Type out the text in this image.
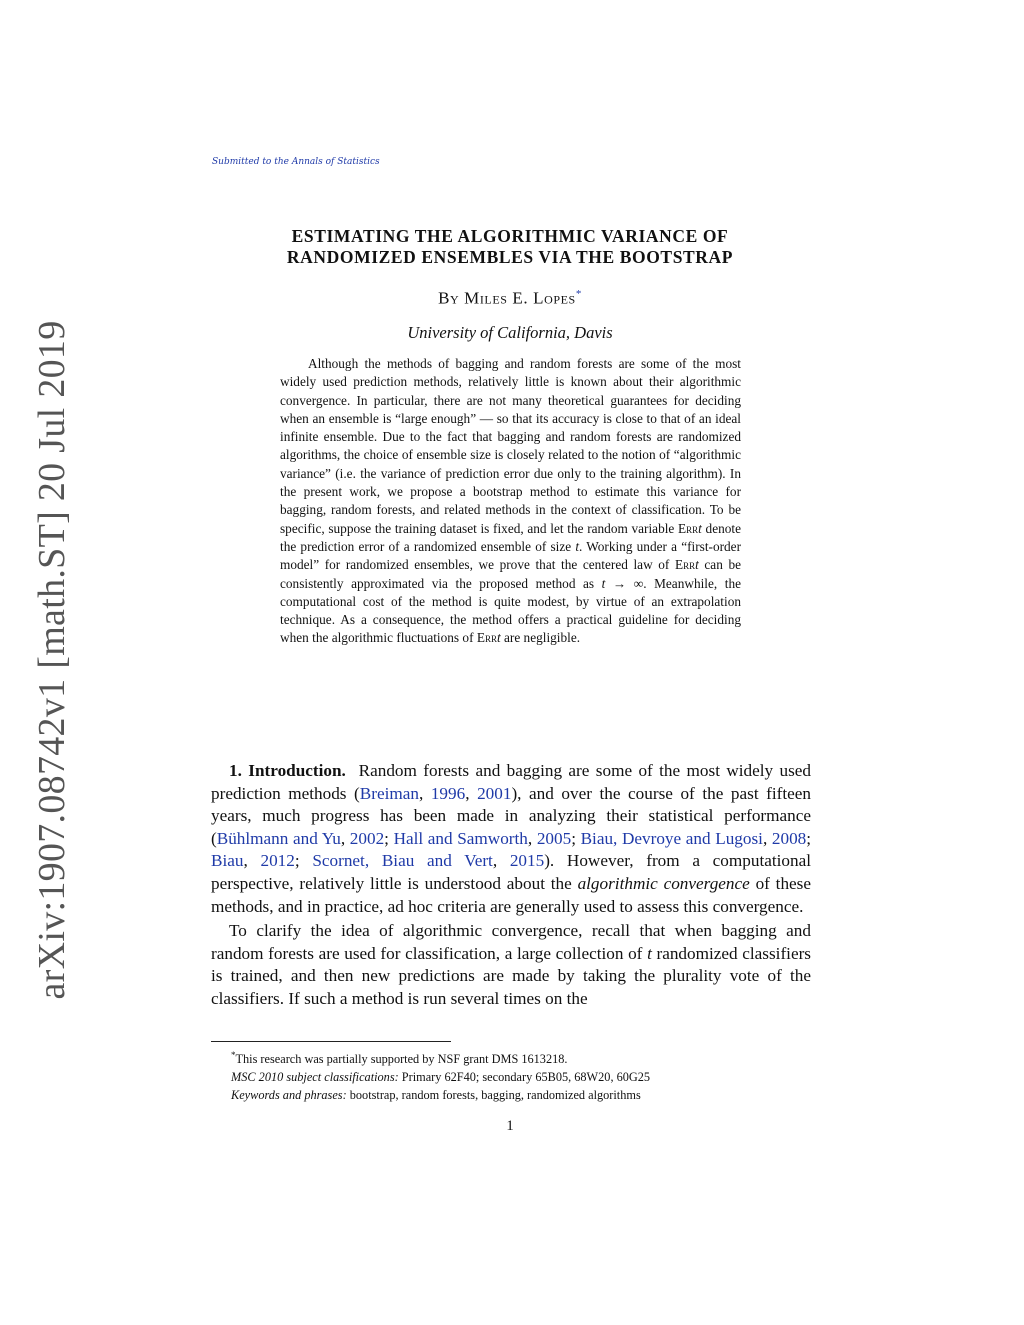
arXiv:1907.08742v1 [math.ST] 20 Jul 2019
Submitted to the Annals of Statistics
ESTIMATING THE ALGORITHMIC VARIANCE OF
RANDOMIZED ENSEMBLES VIA THE BOOTSTRAP
By Miles E. Lopes*
University of California, Davis
Although the methods of bagging and random forests are some of the most widely used prediction methods, relatively little is known about their algorithmic convergence. In particular, there are not many theoretical guarantees for deciding when an ensemble is “large enough” — so that its accuracy is close to that of an ideal infinite ensemble. Due to the fact that bagging and random forests are randomized algorithms, the choice of ensemble size is closely related to the notion of “algorithmic variance” (i.e. the variance of prediction error due only to the training algorithm). In the present work, we propose a bootstrap method to estimate this variance for bagging, random forests, and related methods in the context of classification. To be specific, suppose the training dataset is fixed, and let the random variable Errt denote the prediction error of a randomized ensemble of size t. Working under a “first-order model” for randomized ensembles, we prove that the centered law of Errt can be consistently approximated via the proposed method as t → ∞. Meanwhile, the computational cost of the method is quite modest, by virtue of an extrapolation technique. As a consequence, the method offers a practical guideline for deciding when the algorithmic fluctuations of Errt are negligible.

1. Introduction. Random forests and bagging are some of the most widely used prediction methods (Breiman, 1996, 2001), and over the course of the past fifteen years, much progress has been made in analyzing their statistical performance (Bühlmann and Yu, 2002; Hall and Samworth, 2005; Biau, Devroye and Lugosi, 2008; Biau, 2012; Scornet, Biau and Vert, 2015). However, from a computational perspective, relatively little is understood about the algorithmic convergence of these methods, and in practice, ad hoc criteria are generally used to assess this convergence.

To clarify the idea of algorithmic convergence, recall that when bagging and random forests are used for classification, a large collection of t randomized classifiers is trained, and then new predictions are made by taking the plurality vote of the classifiers. If such a method is run several times on the

*This research was partially supported by NSF grant DMS 1613218.
MSC 2010 subject classifications: Primary 62F40; secondary 65B05, 68W20, 60G25
Keywords and phrases: bootstrap, random forests, bagging, randomized algorithms
1
